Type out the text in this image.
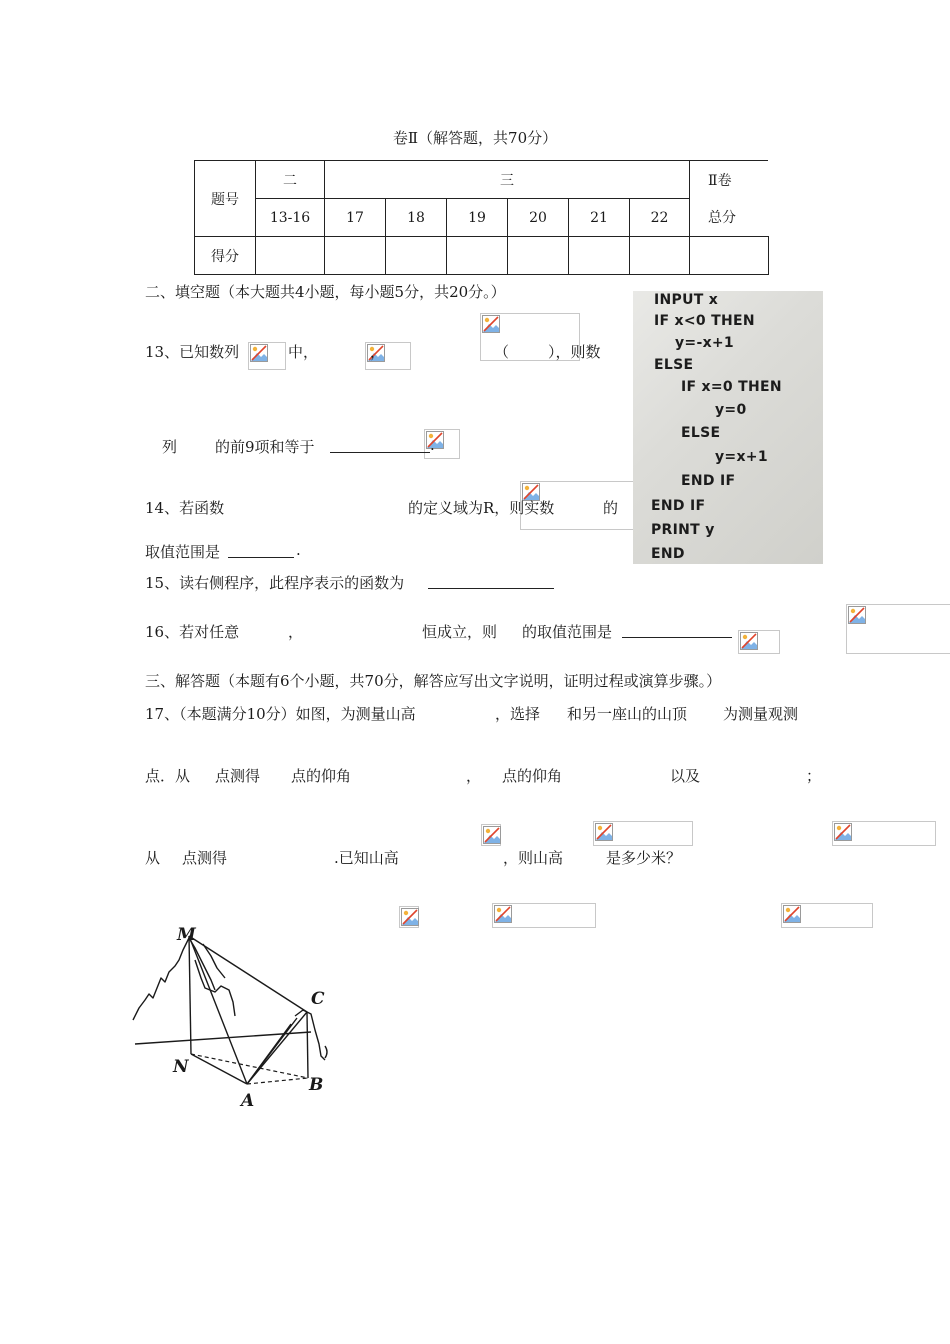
卷Ⅱ（解答题，共70分）
题号	二	三						Ⅱ卷
	13-16	17	18	19	20	21	22	总分
得分								
二、填空题（本大题共4小题，每小题5分，共20分。）
13、已知数列
	中，
	，
	（
	），则数
列
	的前9项和等于	.
14、若函数
	的定义域为R，则实数
	的
取值范围是	.
15、读右侧程序，此程序表示的函数为
INPUT x
IF x<0 THEN
y=-x+1
ELSE
IF x=0 THEN
y=0
ELSE
y=x+1
END IF
END IF
PRINT y
END
16、若对任意
	，
	恒成立，则
的取值范围是
三、解答题（本题有6个小题，共70分，解答应写出文字说明，证明过程或演算步骤。）
17、（本题满分10分）如图，为测量山高
	，选择
和另一座山的山顶
为测量观测
点．从
点测得
点的仰角
	，
点的仰角
	以及
	；
从
点测得
	.已知山高
	，则山高	是多少米？
M
C
N
A
B
